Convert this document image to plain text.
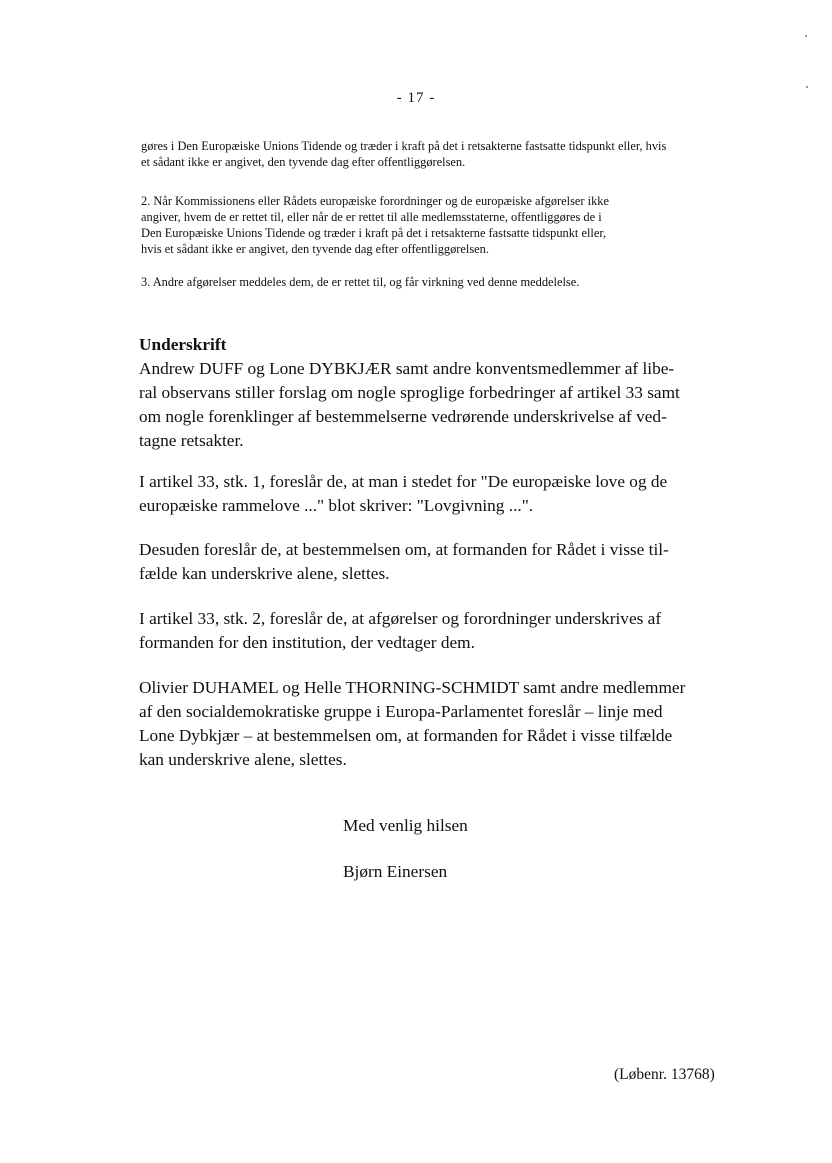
- 17 -
gøres i Den Europæiske Unions Tidende og træder i kraft på det i retsakterne fastsatte tidspunkt eller, hvis
et sådant ikke er angivet, den tyvende dag efter offentliggørelsen.
2. Når Kommissionens eller Rådets europæiske forordninger og de europæiske afgørelser ikke
angiver, hvem de er rettet til, eller når de er rettet til alle medlemsstaterne, offentliggøres de i
Den Europæiske Unions Tidende og træder i kraft på det i retsakterne fastsatte tidspunkt eller,
hvis et sådant ikke er angivet, den tyvende dag efter offentliggørelsen.
3. Andre afgørelser meddeles dem, de er rettet til, og får virkning ved denne meddelelse.
Underskrift
Andrew DUFF og Lone DYBKJÆR samt andre konventsmedlemmer af libe-
ral observans stiller forslag om nogle sproglige forbedringer af artikel 33 samt
om nogle forenklinger af bestemmelserne vedrørende underskrivelse af ved-
tagne retsakter.
I artikel 33, stk. 1, foreslår de, at man i stedet for "De europæiske love og de
europæiske rammelove ..." blot skriver: "Lovgivning ...".
Desuden foreslår de, at bestemmelsen om, at formanden for Rådet i visse til-
fælde kan underskrive alene, slettes.
I artikel 33, stk. 2, foreslår de, at afgørelser og forordninger underskrives af
formanden for den institution, der vedtager dem.
Olivier DUHAMEL og Helle THORNING-SCHMIDT samt andre medlemmer
af den socialdemokratiske gruppe i Europa-Parlamentet foreslår – linje med
Lone Dybkjær – at bestemmelsen om, at formanden for Rådet i visse tilfælde
kan underskrive alene, slettes.
Med venlig hilsen
Bjørn Einersen
(Løbenr. 13768)
